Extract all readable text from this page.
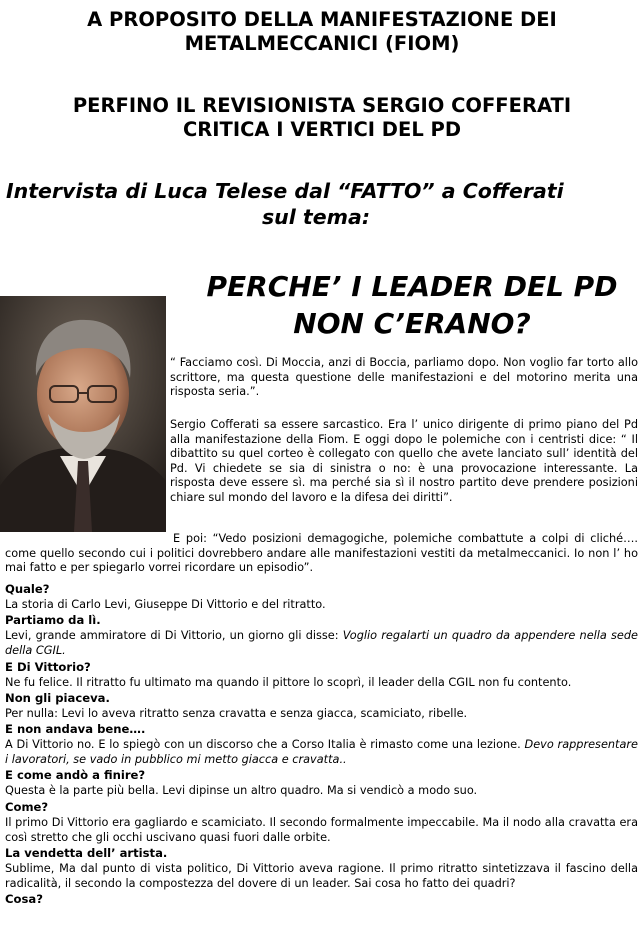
A PROPOSITO DELLA MANIFESTAZIONE DEI
METALMECCANICI (FIOM)
PERFINO IL REVISIONISTA SERGIO COFFERATI
CRITICA I VERTICI DEL PD
Intervista di Luca Telese dal “FATTO” a Cofferati
sul tema:
PERCHE’ I LEADER DEL PD
NON C’ERANO?
“ Facciamo così. Di Moccia, anzi di Boccia, parliamo dopo. Non voglio far torto allo scrittore, ma questa questione delle manifestazioni e del motorino merita una risposta seria.”.
Sergio Cofferati sa essere sarcastico. Era l’ unico dirigente di primo piano del Pd alla manifestazione della Fiom. E oggi dopo le polemiche con i centristi dice: “ Il dibattito su quel corteo è collegato con quello che avete lanciato sull’ identità del Pd. Vi chiedete se sia di sinistra o no: è una provocazione interessante. La risposta deve essere sì. ma perché sia sì il nostro partito deve prendere posizioni chiare sul mondo del lavoro e la difesa dei diritti”.
E poi: “Vedo posizioni demagogiche, polemiche combattute a colpi di cliché…. come quello secondo cui i politici dovrebbero andare alle manifestazioni vestiti da metalmeccanici. Io non l’ ho mai fatto e per spiegarlo vorrei ricordare un episodio”.
Quale?
La storia di Carlo Levi, Giuseppe Di Vittorio e del ritratto.
Partiamo da lì.
Levi, grande ammiratore di Di Vittorio, un giorno gli disse: Voglio regalarti un quadro da appendere nella sede della CGIL.
E Di Vittorio?
Ne fu felice. Il ritratto fu ultimato ma quando il pittore lo scoprì, il leader della CGIL non fu contento.
Non gli piaceva.
Per nulla: Levi lo aveva ritratto senza cravatta e senza giacca, scamiciato, ribelle.
E non andava bene….
A Di Vittorio no. E lo spiegò con un discorso che a Corso Italia è rimasto come una lezione. Devo rappresentare i lavoratori, se vado in pubblico mi metto giacca e cravatta..
E come andò a finire?
Questa è la parte più bella. Levi dipinse un altro quadro. Ma si vendicò a modo suo.
Come?
Il primo Di Vittorio era gagliardo e scamiciato. Il secondo formalmente impeccabile. Ma il nodo alla cravatta era così stretto che gli occhi uscivano quasi fuori dalle orbite.
La vendetta dell’ artista.
Sublime, Ma dal punto di vista politico, Di Vittorio aveva ragione. Il primo ritratto sintetizzava il fascino della radicalità, il secondo la compostezza del dovere di un leader. Sai cosa ho fatto dei quadri?
Cosa?
